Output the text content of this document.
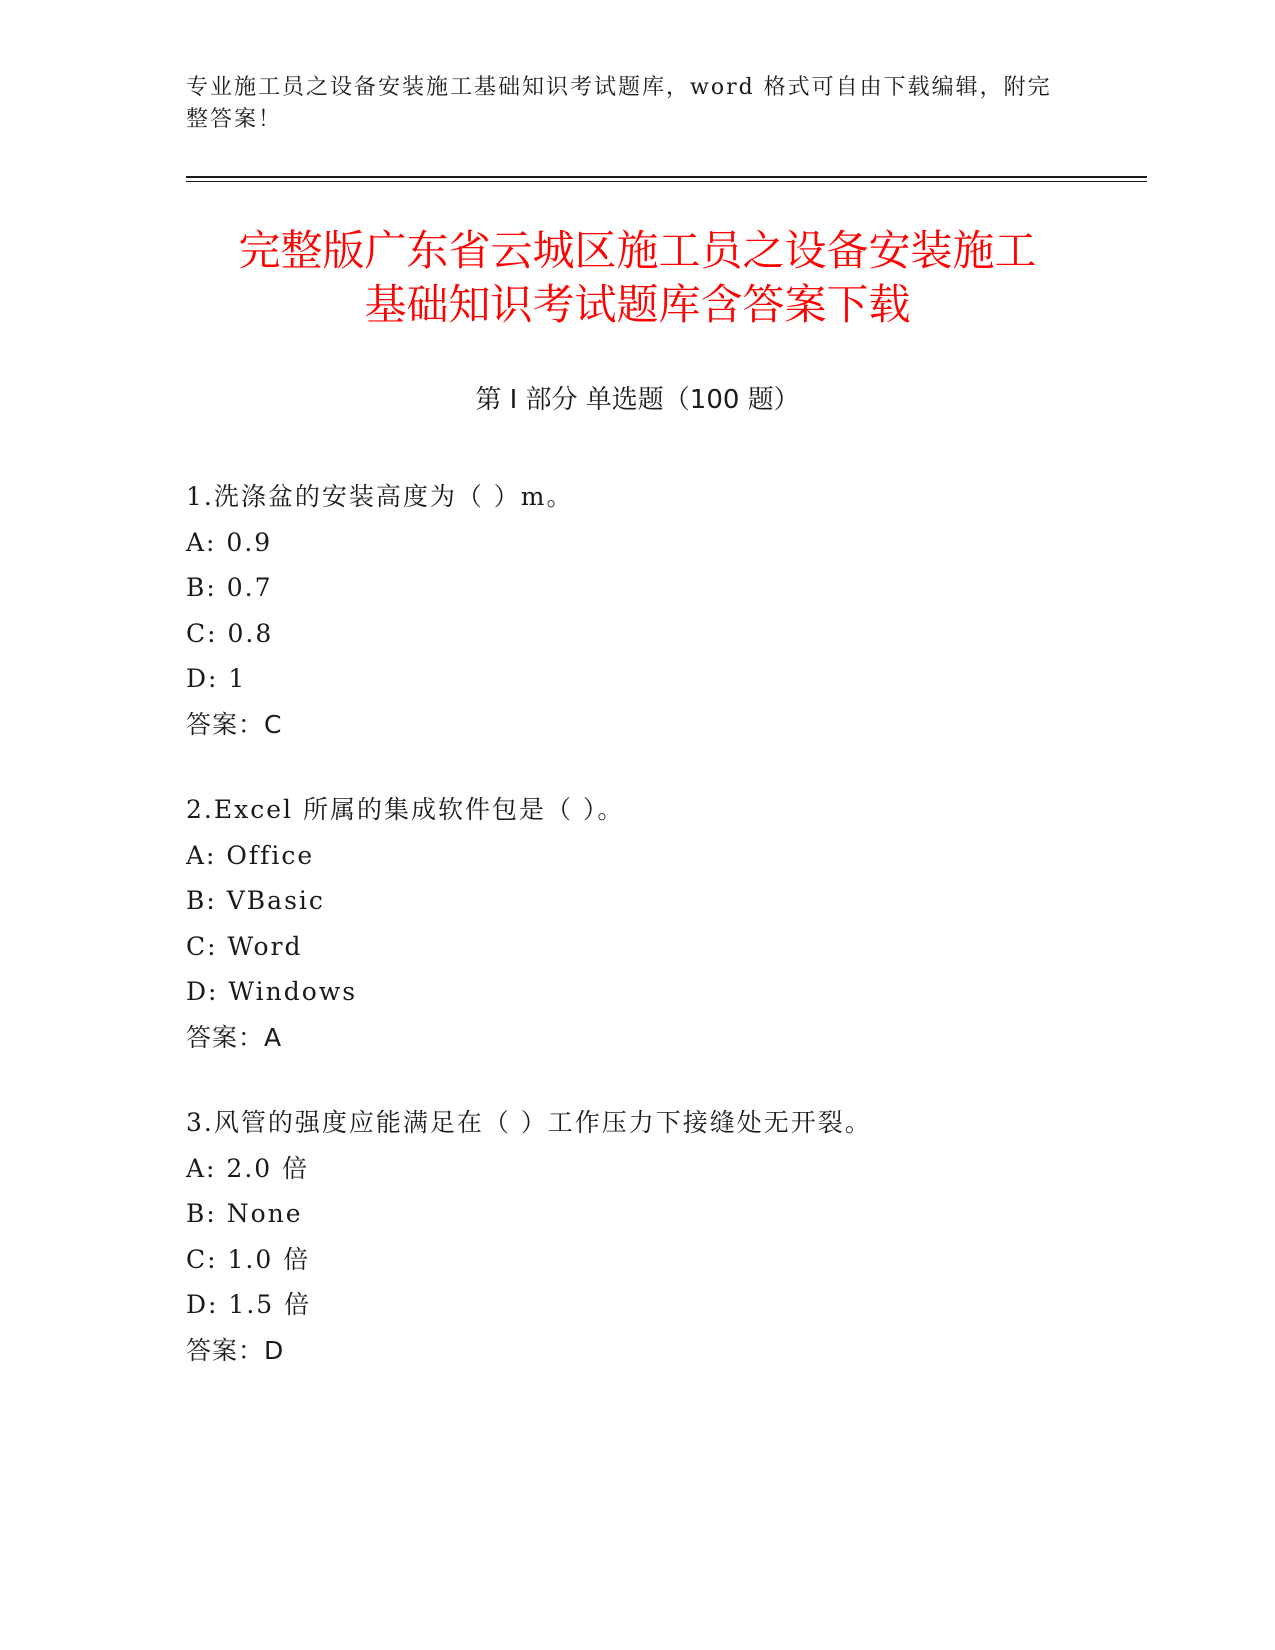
专业施工员之设备安装施工基础知识考试题库，word 格式可自由下载编辑，附完整答案！
完整版广东省云城区施工员之设备安装施工
基础知识考试题库含答案下载
第 I 部分 单选题（100 题）
1.洗涤盆的安装高度为（ ）m。
A: 0.9
B: 0.7
C: 0.8
D: 1
答案：C
2.Excel 所属的集成软件包是（ ）。
A: Office
B: VBasic
C: Word
D: Windows
答案：A
3.风管的强度应能满足在（ ）工作压力下接缝处无开裂。
A: 2.0 倍
B: None
C: 1.0 倍
D: 1.5 倍
答案：D
